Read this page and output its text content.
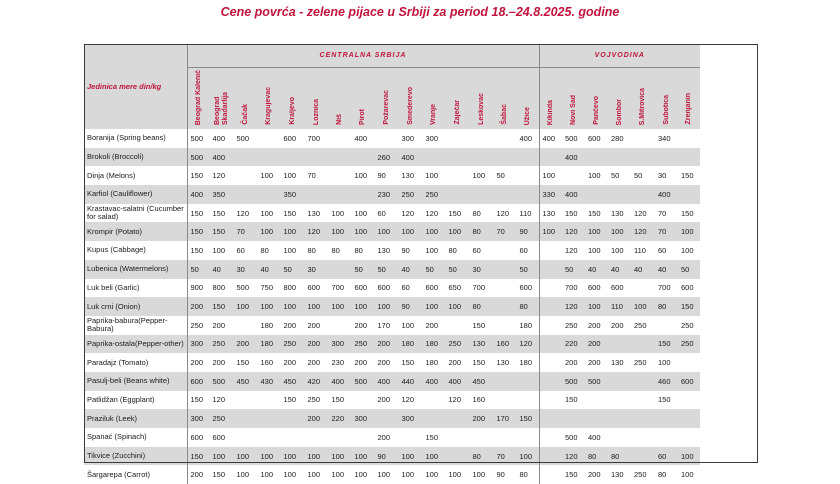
Cene povrća - zelene pijace u Srbiji za period 18.–24.8.2025. godine
Jedinica mere din/kg	CENTRALNA SRBIJA															VOJVODINA						
	Beograd Kalenić	Beograd Skadarlija	Čačak	Kragujevac	Kraljevo	Loznica	Niš	Pirot	Požarevac	Smederevo	Vranje	Zaječar	Leskovac	Šabac	Užice	Kikinda	Novi Sad	Pančevo	Sombor	S.Mitrovica	Subotica	Zrenjanin
Boranija (Spring beans)	500	400	500		600	700		400		300	300				400	400	500	600	280		340	
Brokoli (Broccoli)	500	400							260	400							400					
Dinja (Melons)	150	120		100	100	70		100	90	130	100		100	50		100		100	50	50	30	150
Karfiol (Cauliflower)	400	350			350				230	250	250					330	400				400	
Krastavac-salatni (Cucumber for salad)	150	150	120	100	150	130	100	100	60	120	120	150	80	120	110	130	150	150	130	120	70	150
Krompir (Potato)	150	150	70	100	100	120	100	100	100	100	100	100	80	70	90	100	120	100	100	120	70	100
Kupus (Cabbage)	150	100	60	80	100	80	80	80	130	90	100	80	60		60		120	100	100	110	60	100
Lubenica (Watermelons)	50	40	30	40	50	30		50	50	40	50	50	30		50		50	40	40	40	40	50
Luk beli (Garlic)	900	800	500	750	800	600	700	600	600	60	600	650	700		600		700	600	600		700	600
Luk crni (Onion)	200	150	100	100	100	100	100	100	100	90	100	100	80		80		120	100	110	100	80	150
Paprika-babura(Pepper-Babura)	250	200		180	200	200		200	170	100	200		150		180		250	200	200	250		250
Paprika-ostala(Pepper-other)	300	250	200	180	250	200	300	250	200	180	180	250	130	160	120		220	200			150	250
Paradajz (Tomato)	200	200	150	160	200	200	230	200	200	150	180	200	150	130	180		200	200	130	250	100	
Pasulj-beli (Beans white)	600	500	450	430	450	420	400	500	400	440	400	400	450				500	500			460	600
Patlidžan (Eggplant)	150	120			150	250	150		200	120		120	160				150				150	
Praziluk (Leek)	300	250				200	220	300		300			200	170	150							
Spanać (Spinach)	600	600							200		150						500	400				
Tikvice (Zucchini)	150	100	100	100	100	100	100	100	90	100	100		80	70	100		120	80	80		60	100
Šargarepa (Carrot)	200	150	100	100	100	100	100	100	100	100	100	100	100	90	80		150	200	130	250	80	100
